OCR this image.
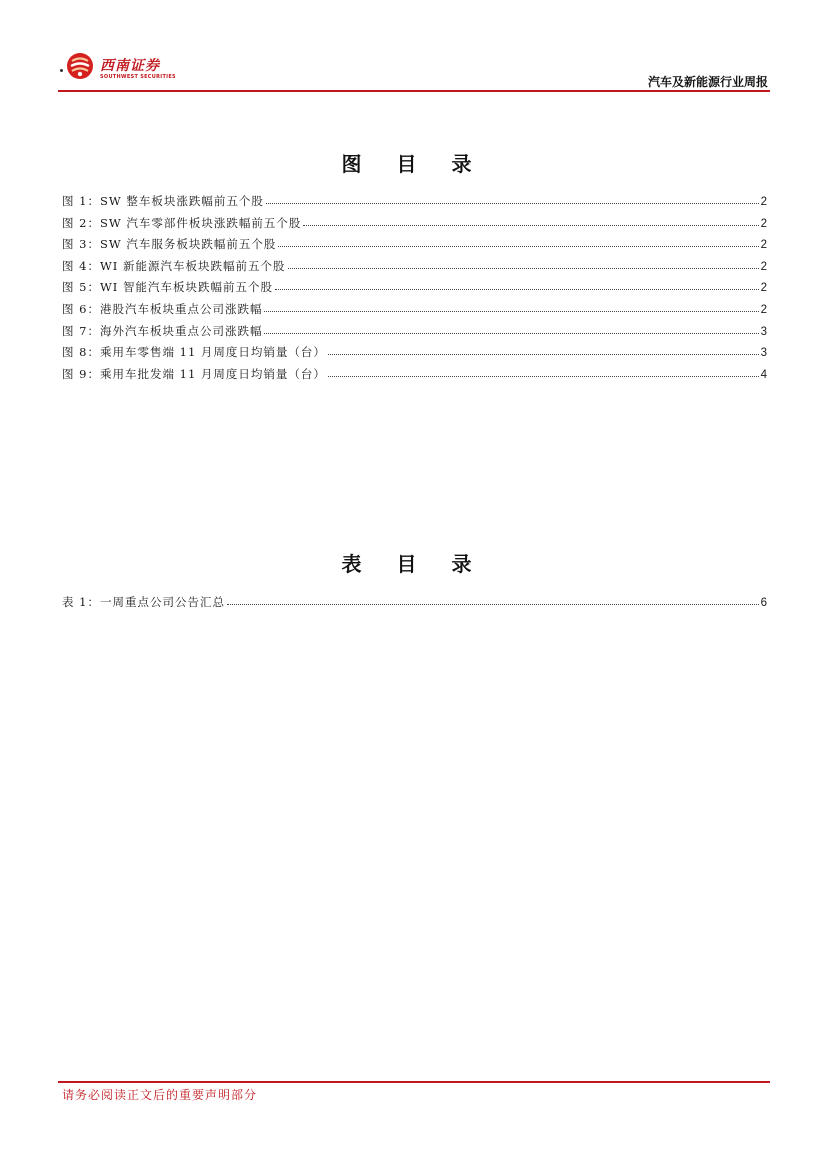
西南证券
SOUTHWEST SECURITIES	汽车及新能源行业周报
图 目 录
图 1：SW 整车板块涨跌幅前五个股	2
图 2：SW 汽车零部件板块涨跌幅前五个股	2
图 3：SW 汽车服务板块跌幅前五个股	2
图 4：WI 新能源汽车板块跌幅前五个股	2
图 5：WI 智能汽车板块跌幅前五个股	2
图 6：港股汽车板块重点公司涨跌幅	2
图 7：海外汽车板块重点公司涨跌幅	3
图 8：乘用车零售端 11 月周度日均销量（台）	3
图 9：乘用车批发端 11 月周度日均销量（台）	4
表 目 录
表 1：一周重点公司公告汇总	6
请务必阅读正文后的重要声明部分
